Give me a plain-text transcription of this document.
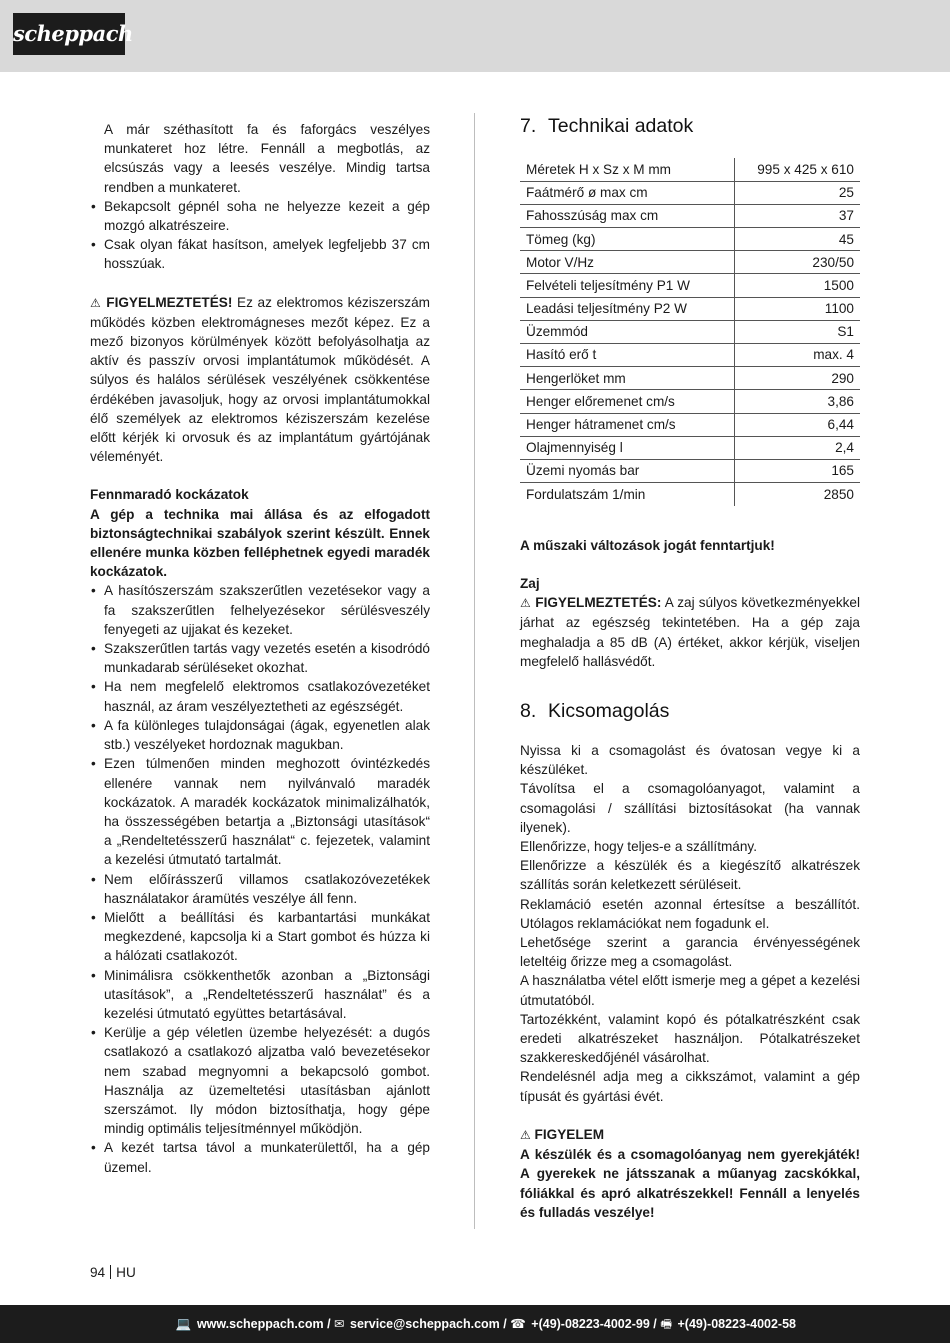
scheppach

A már széthasított fa és faforgács veszélyes munkateret hoz létre. Fennáll a megbotlás, az elcsúszás vagy a leesés veszélye. Mindig tartsa rendben a munkateret.

• Bekapcsolt gépnél soha ne helyezze kezeit a gép mozgó alkatrészeire.
• Csak olyan fákat hasítson, amelyek legfeljebb 37 cm hosszúak.

⚠ FIGYELMEZTETÉS! Ez az elektromos kéziszerszám működés közben elektromágneses mezőt képez. Ez a mező bizonyos körülmények között befolyásolhatja az aktív és passzív orvosi implantátumok működését. A súlyos és halálos sérülések veszélyének csökkentése érdékében javasoljuk, hogy az orvosi implantátumokkal élő személyek az elektromos kéziszerszám kezelése előtt kérjék ki orvosuk és az implantátum gyártójának véleményét.

Fennmaradó kockázatok

A gép a technika mai állása és az elfogadott biztonságtechnikai szabályok szerint készült. Ennek ellenére munka közben felléphetnek egyedi maradék kockázatok.

• A hasítószerszám szakszerűtlen vezetésekor vagy a fa szakszerűtlen felhelyezésekor sérülésveszély fenyegeti az ujjakat és kezeket.
• Szakszerűtlen tartás vagy vezetés esetén a kisodródó munkadarab sérüléseket okozhat.
• Ha nem megfelelő elektromos csatlakozóvezetéket használ, az áram veszélyeztetheti az egészségét.
• A fa különleges tulajdonságai (ágak, egyenetlen alak stb.) veszélyeket hordoznak magukban.
• Ezen túlmenően minden meghozott óvintézkedés ellenére vannak nem nyilvánvaló maradék kockázatok. A maradék kockázatok minimalizálhatók, ha összességében betartja a „Biztonsági utasítások“ a „Rendeltetésszerű használat“ c. fejezetek, valamint a kezelési útmutató tartalmát.
• Nem előírásszerű villamos csatlakozóvezetékek használatakor áramütés veszélye áll fenn.
• Mielőtt a beállítási és karbantartási munkákat megkezdené, kapcsolja ki a Start gombot és húzza ki a hálózati csatlakozót.
• Minimálisra csökkenthetők azonban a „Biztonsági utasítások”, a „Rendeltetésszerű használat” és a kezelési útmutató együttes betartásával.
• Kerülje a gép véletlen üzembe helyezését: a dugós csatlakozó a csatlakozó aljzatba való bevezetésekor nem szabad megnyomni a bekapcsoló gombot. Használja az üzemeltetési utasításban ajánlott szerszámot. Ily módon biztosíthatja, hogy gépe mindig optimális teljesítménnyel működjön.
• A kezét tartsa távol a munkaterülettől, ha a gép üzemel.
7. Technikai adatok
Méretek H x Sz x M mm	995 x 425 x 610
Faátmérő ø max cm	25
Fahosszúság max cm	37
Tömeg (kg)	45
Motor V/Hz	230/50
Felvételi teljesítmény P1 W	1500
Leadási teljesítmény P2 W	1100
Üzemmód	S1
Hasító erő t	max. 4
Hengerlöket mm	290
Henger előremenet cm/s	3,86
Henger hátramenet cm/s	6,44
Olajmennyiség l	2,4
Üzemi nyomás bar	165
Fordulatszám 1/min	2850

A műszaki változások jogát fenntartjuk!

Zaj

⚠ FIGYELMEZTETÉS: A zaj súlyos következményekkel járhat az egészség tekintetében. Ha a gép zaja meghaladja a 85 dB (A) értéket, akkor kérjük, viseljen megfelelő hallásvédőt.

8. Kicsomagolás

Nyissa ki a csomagolást és óvatosan vegye ki a készüléket.

Távolítsa el a csomagolóanyagot, valamint a csomagolási / szállítási biztosításokat (ha vannak ilyenek).

Ellenőrizze, hogy teljes-e a szállítmány.

Ellenőrizze a készülék és a kiegészítő alkatrészek szállítás során keletkezett sérüléseit.

Reklamáció esetén azonnal értesítse a beszállítót. Utólagos reklamációkat nem fogadunk el.

Lehetősége szerint a garancia érvényességének leteltéig őrizze meg a csomagolást.

A használatba vétel előtt ismerje meg a gépet a kezelési útmutatóból.

Tartozékként, valamint kopó és pótalkatrészként csak eredeti alkatrészeket használjon. Pótalkatrészeket szakkereskedőjénél vásárolhat.

Rendelésnél adja meg a cikkszámot, valamint a gép típusát és gyártási évét.

⚠ FIGYELEM

A készülék és a csomagolóanyag nem gyerekjáték! A gyerekek ne játsszanak a műanyag zacskókkal, fóliákkal és apró alkatrészekkel! Fennáll a lenyelés és fulladás veszélye!

94 HU
💻 www.scheppach.com / ✉ service@scheppach.com / ☎ +(49)-08223-4002-99 / 🖷 +(49)-08223-4002-58
